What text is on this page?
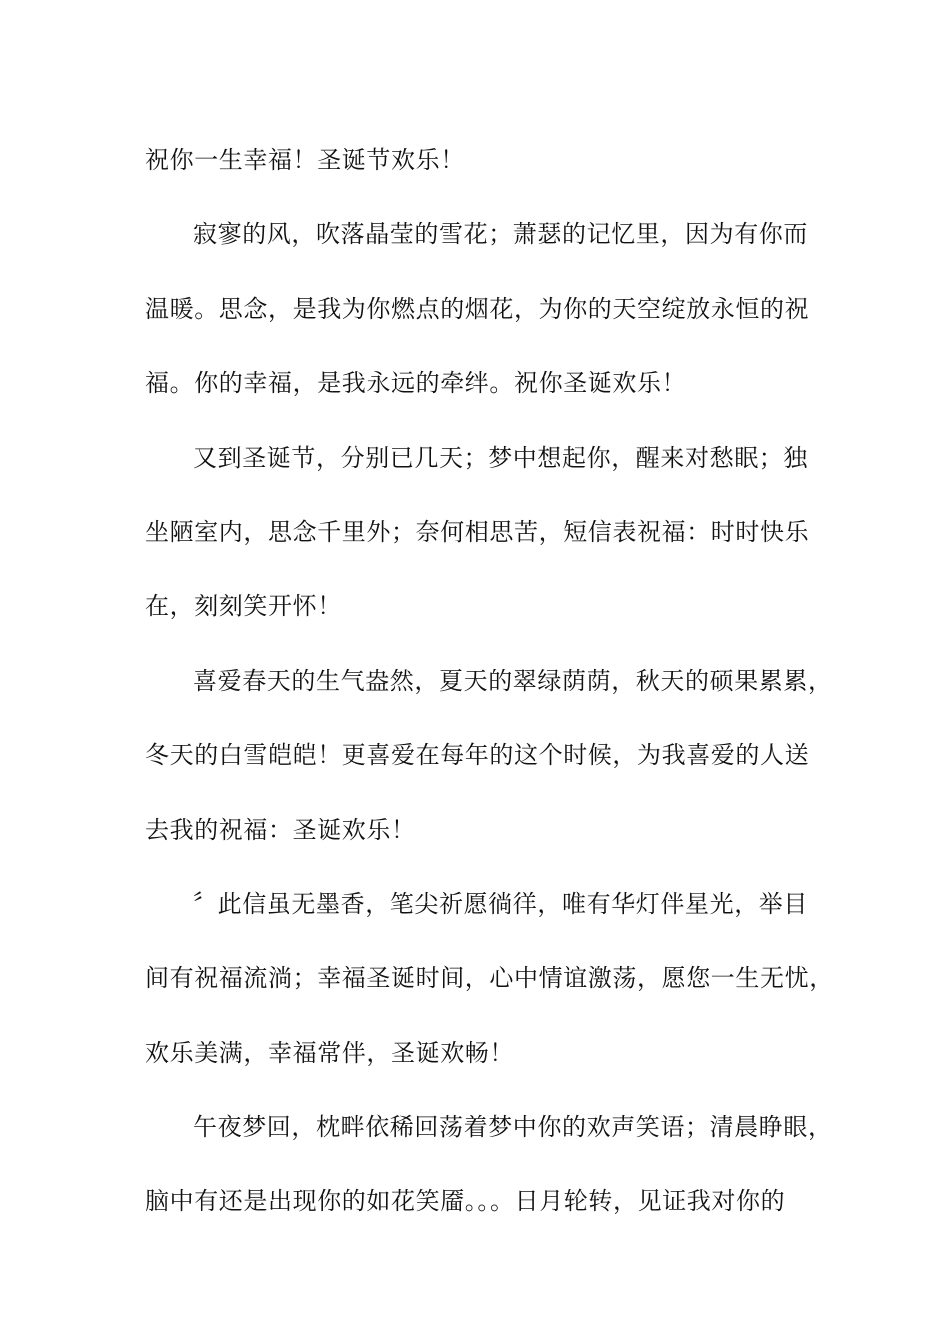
祝你一生幸福！圣诞节欢乐！
寂寥的风，吹落晶莹的雪花；萧瑟的记忆里，因为有你而
温暖。思念，是我为你燃点的烟花，为你的天空绽放永恒的祝
福。你的幸福，是我永远的牵绊。祝你圣诞欢乐！
又到圣诞节，分别已几天；梦中想起你，醒来对愁眠；独
坐陋室内，思念千里外；奈何相思苦，短信表祝福：时时快乐
在，刻刻笑开怀！
喜爱春天的生气盎然，夏天的翠绿荫荫，秋天的硕果累累，
冬天的白雪皑皑！更喜爱在每年的这个时候，为我喜爱的人送
去我的祝福：圣诞欢乐！
〞此信虽无墨香，笔尖祈愿徜徉，唯有华灯伴星光，举目
间有祝福流淌；幸福圣诞时间，心中情谊激荡，愿您一生无忧，
欢乐美满，幸福常伴，圣诞欢畅！
午夜梦回，枕畔依稀回荡着梦中你的欢声笑语；清晨睁眼，
脑中有还是出现你的如花笑靥。。。日月轮转，见证我对你的
